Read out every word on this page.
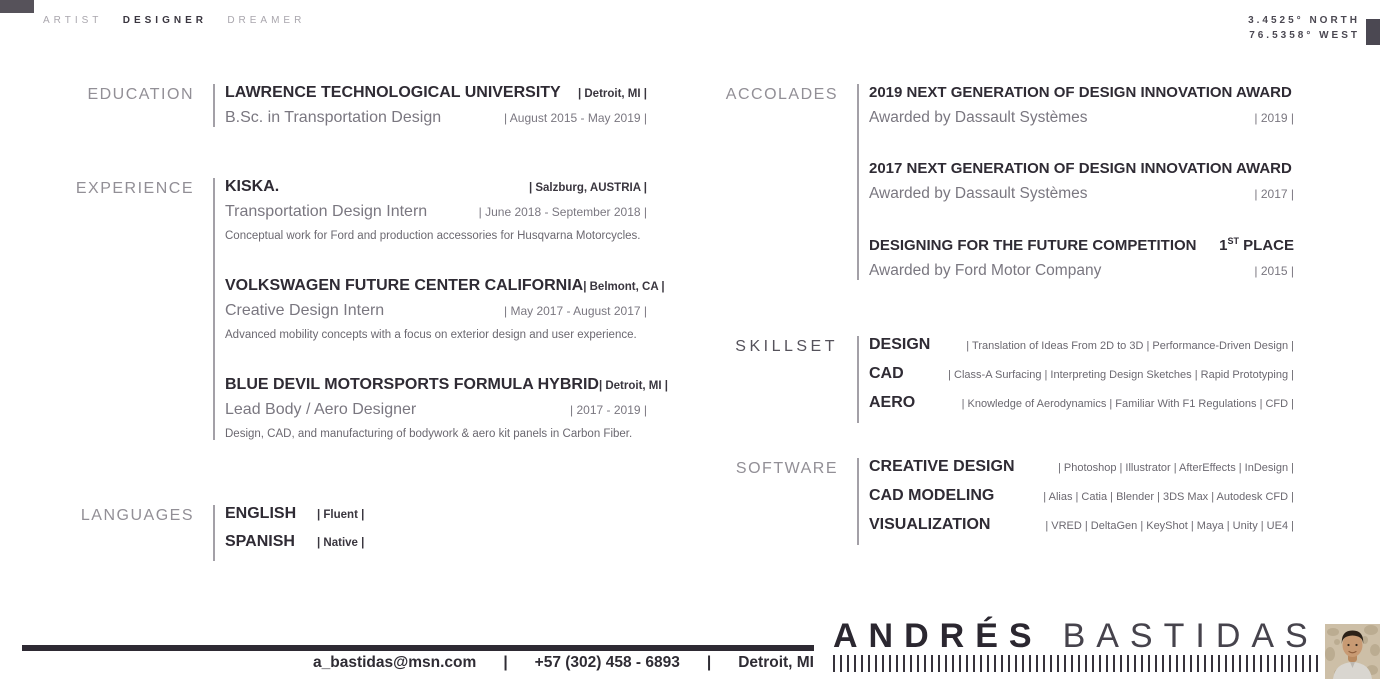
ARTIST DESIGNER DREAMER	3.4525° NORTH
76.5358° WEST
EDUCATION LAWRENCE TECHNOLOGICAL UNIVERSITY | Detroit, MI |
B.Sc. in Transportation Design	| August 2015 - May 2019 |
EXPERIENCE KISKA.	| Salzburg, AUSTRIA |
Transportation Design Intern	| June 2018 - September 2018 |
Conceptual work for Ford and production accessories for Husqvarna Motorcycles.
VOLKSWAGEN FUTURE CENTER CALIFORNIA | Belmont, CA |
Creative Design Intern	| May 2017 - August 2017 |
Advanced mobility concepts with a focus on exterior design and user experience.
BLUE DEVIL MOTORSPORTS FORMULA HYBRID | Detroit, MI |
Lead Body / Aero Designer	| 2017 - 2019 |
Design, CAD, and manufacturing of bodywork & aero kit panels in Carbon Fiber.
LANGUAGES ENGLISH	| Fluent |
SPANISH	| Native |
ACCOLADES 2019 NEXT GENERATION OF DESIGN INNOVATION AWARD
Awarded by Dassault Systèmes	| 2019 |
2017 NEXT GENERATION OF DESIGN INNOVATION AWARD
Awarded by Dassault Systèmes	| 2017 |
DESIGNING FOR THE FUTURE COMPETITION 1ST PLACE
Awarded by Ford Motor Company	| 2015 |
SKILLSET DESIGN	| Translation of Ideas From 2D to 3D | Performance-Driven Design |
CAD	| Class-A Surfacing | Interpreting Design Sketches | Rapid Prototyping |
AERO	| Knowledge of Aerodynamics | Familiar With F1 Regulations | CFD |
SOFTWARE CREATIVE DESIGN	| Photoshop | Illustrator | AfterEffects | InDesign |
CAD MODELING	| Alias | Catia | Blender | 3DS Max | Autodesk CFD |
VISUALIZATION	| VRED | DeltaGen | KeyShot | Maya | Unity | UE4 |
a_bastidas@msn.com | +57 (302) 458 - 6893 | Detroit, MI
ANDRÉS BASTIDAS
